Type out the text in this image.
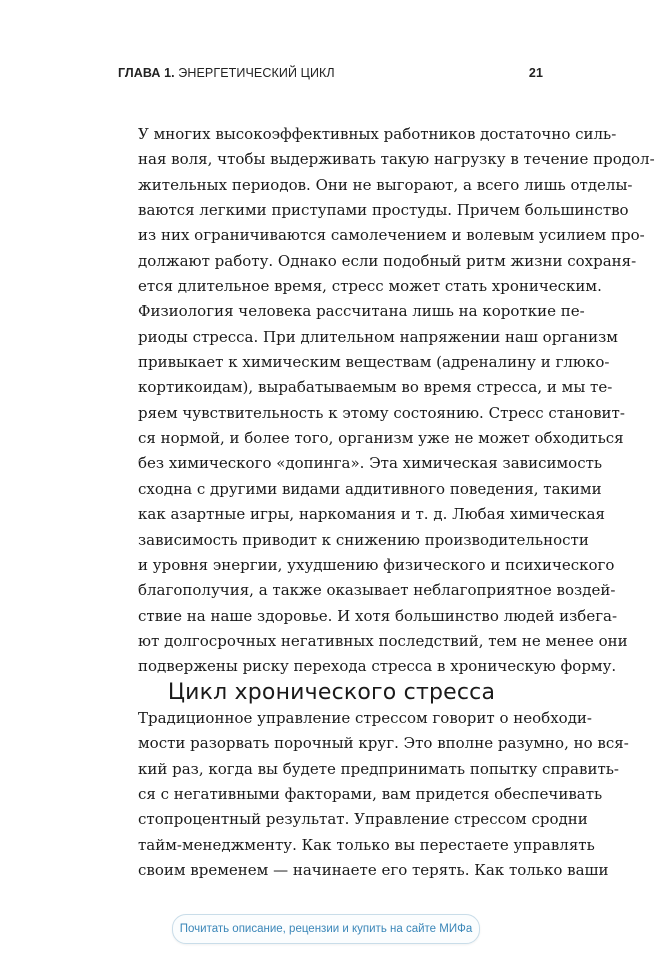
ГЛАВА 1. ЭНЕРГЕТИЧЕСКИЙ ЦИКЛ	21

У многих высокоэффективных работников достаточно силь-
ная воля, чтобы выдерживать такую нагрузку в течение продол-
жительных периодов. Они не выгорают, а всего лишь отделы-
ваются легкими приступами простуды. Причем большинство
из них ограничиваются самолечением и волевым усилием про-
должают работу. Однако если подобный ритм жизни сохраня-
ется длительное время, стресс может стать хроническим.

Физиология человека рассчитана лишь на короткие пе-
риоды стресса. При длительном напряжении наш организм
привыкает к химическим веществам (адреналину и глюко-
кортикоидам), вырабатываемым во время стресса, и мы те-
ряем чувствительность к этому состоянию. Стресс становит-
ся нормой, и более того, организм уже не может обходиться
без химического «допинга». Эта химическая зависимость
сходна с другими видами аддитивного поведения, такими
как азартные игры, наркомания и т. д. Любая химическая
зависимость приводит к снижению производительности
и уровня энергии, ухудшению физического и психического
благополучия, а также оказывает неблагоприятное воздей-
ствие на наше здоровье. И хотя большинство людей избега-
ют долгосрочных негативных последствий, тем не менее они
подвержены риску перехода стресса в хроническую форму.

Цикл хронического стресса

Традиционное управление стрессом говорит о необходи-
мости разорвать порочный круг. Это вполне разумно, но вся-
кий раз, когда вы будете предпринимать попытку справить-
ся с негативными факторами, вам придется обеспечивать
стопроцентный результат. Управление стрессом сродни
тайм-менеджменту. Как только вы перестаете управлять
своим временем — начинаете его терять. Как только ваши

Почитать описание, рецензии и купить на сайте МИФа
